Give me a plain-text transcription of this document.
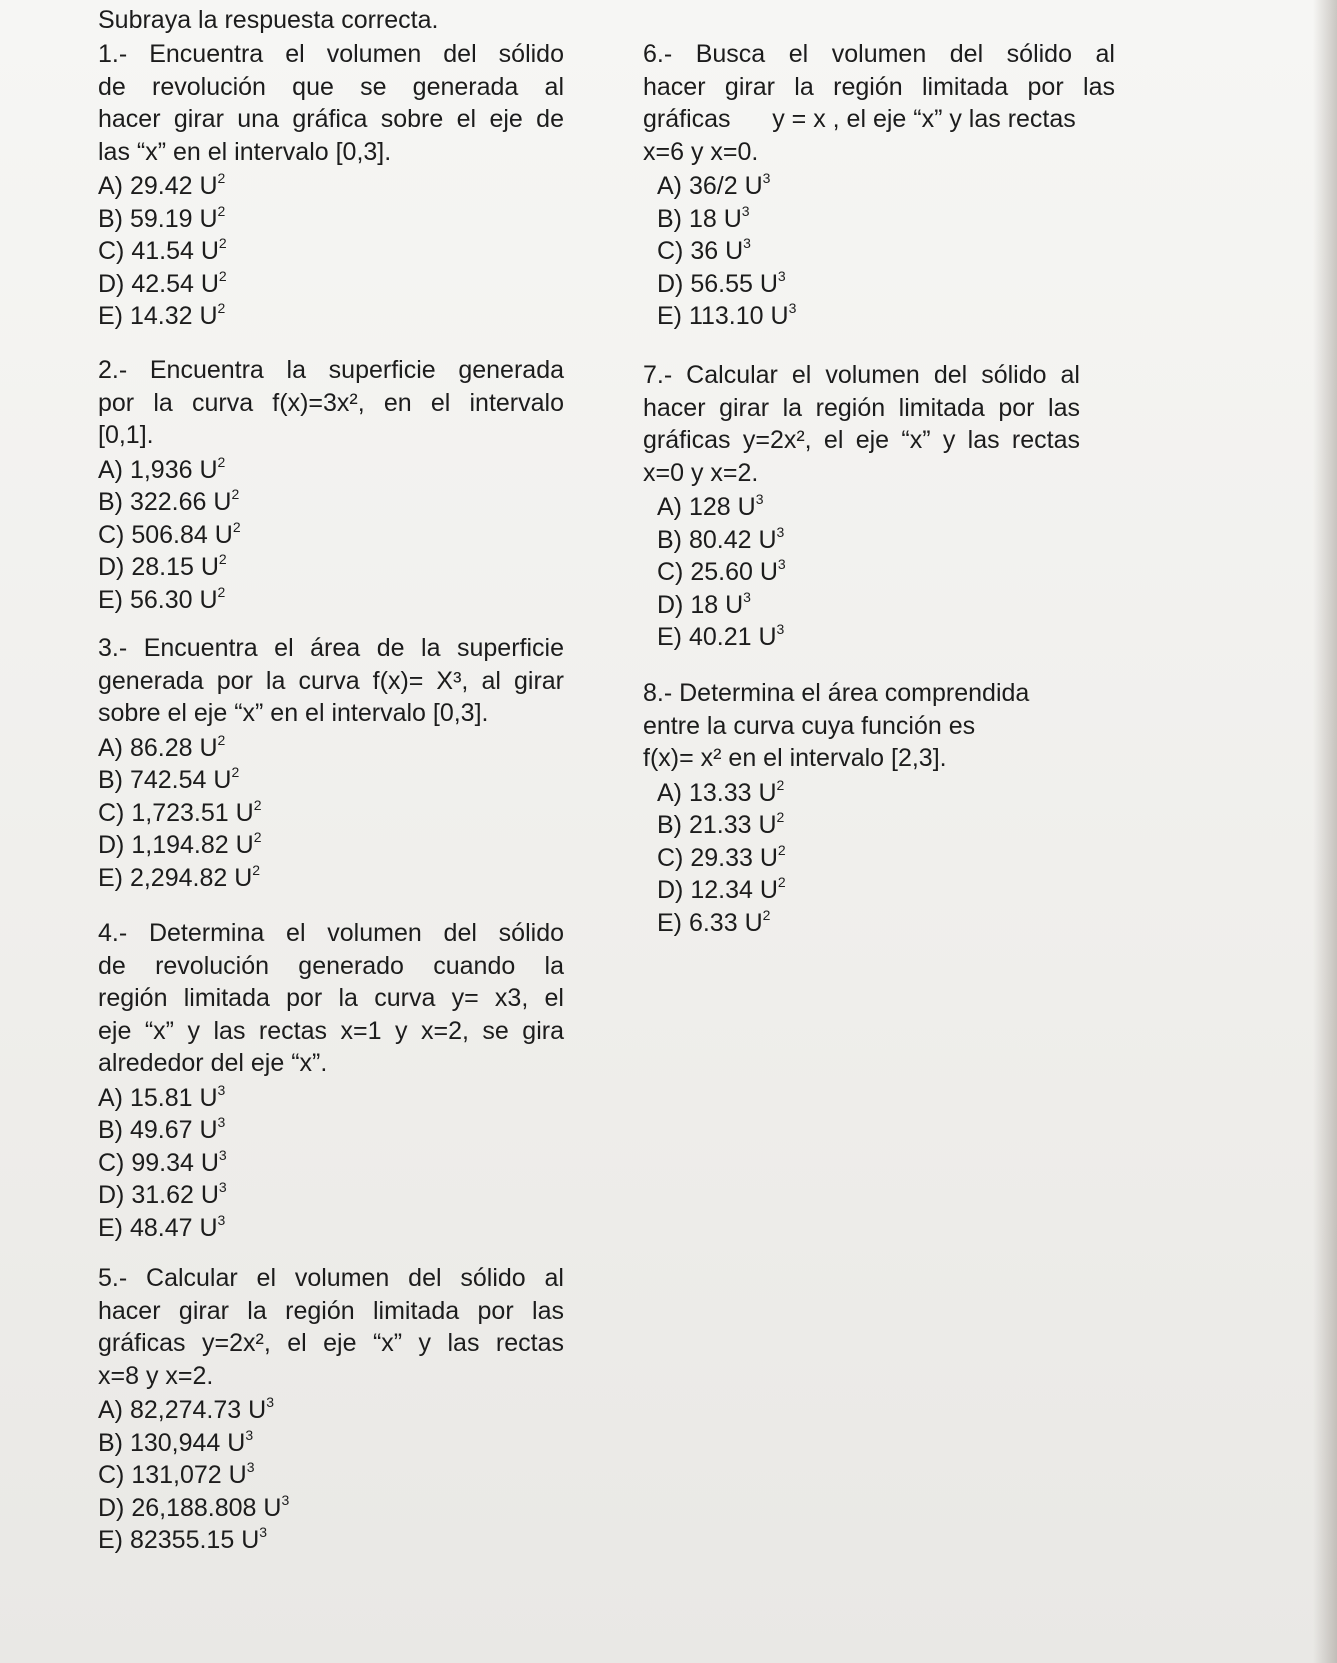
Subraya la respuesta correcta.
1.- Encuentra el volumen del sólido
de revolución que se generada al
hacer girar una gráfica sobre el eje de
las “x” en el intervalo [0,3].
A) 29.42 $U^2$
B) 59.19 $U^2$
C) 41.54 $U^2$
D) 42.54 $U^2$
E) 14.32 $U^2$
2.- Encuentra la superficie generada
por la curva f(x)=3x², en el intervalo
[0,1].
A) 1,936 $U^2$
B) 322.66 $U^2$
C) 506.84 $U^2$
D) 28.15 $U^2$
E) 56.30 $U^2$
3.- Encuentra el área de la superficie
generada por la curva f(x)= X³, al girar
sobre el eje “x” en el intervalo [0,3].
A) 86.28 $U^2$
B) 742.54 $U^2$
C) 1,723.51 $U^2$
D) 1,194.82 $U^2$
E) 2,294.82 $U^2$
4.- Determina el volumen del sólido
de revolución generado cuando la
región limitada por la curva y= x3, el
eje “x” y las rectas x=1 y x=2, se gira
alrededor del eje “x”.
A) 15.81 $U^3$
B) 49.67 $U^3$
C) 99.34 $U^3$
D) 31.62 $U^3$
E) 48.47 $U^3$
5.- Calcular el volumen del sólido al
hacer girar la región limitada por las
gráficas y=2x², el eje “x” y las rectas
x=8 y x=2.
A) 82,274.73 $U^3$
B) 130,944 $U^3$
C) 131,072 $U^3$
D) 26,188.808 $U^3$
E) 82355.15 $U^3$
6.- Busca el volumen del sólido al
hacer girar la región limitada por las
gráficas      y = x , el eje “x” y las rectas
x=6 y x=0.
A) 36/2 $U^3$
B) 18 $U^3$
C) 36 $U^3$
D) 56.55 $U^3$
E) 113.10 $U^3$
7.- Calcular el volumen del sólido al
hacer girar la región limitada por las
gráficas y=2x², el eje “x” y las rectas
x=0 y x=2.
A) 128 $U^3$
B) 80.42 $U^3$
C) 25.60 $U^3$
D) 18 $U^3$
E) 40.21 $U^3$
8.- Determina el área comprendida
entre la curva cuya función es
f(x)= x² en el intervalo [2,3].
A) 13.33 $U^2$
B) 21.33 $U^2$
C) 29.33 $U^2$
D) 12.34 $U^2$
E) 6.33 $U^2$
